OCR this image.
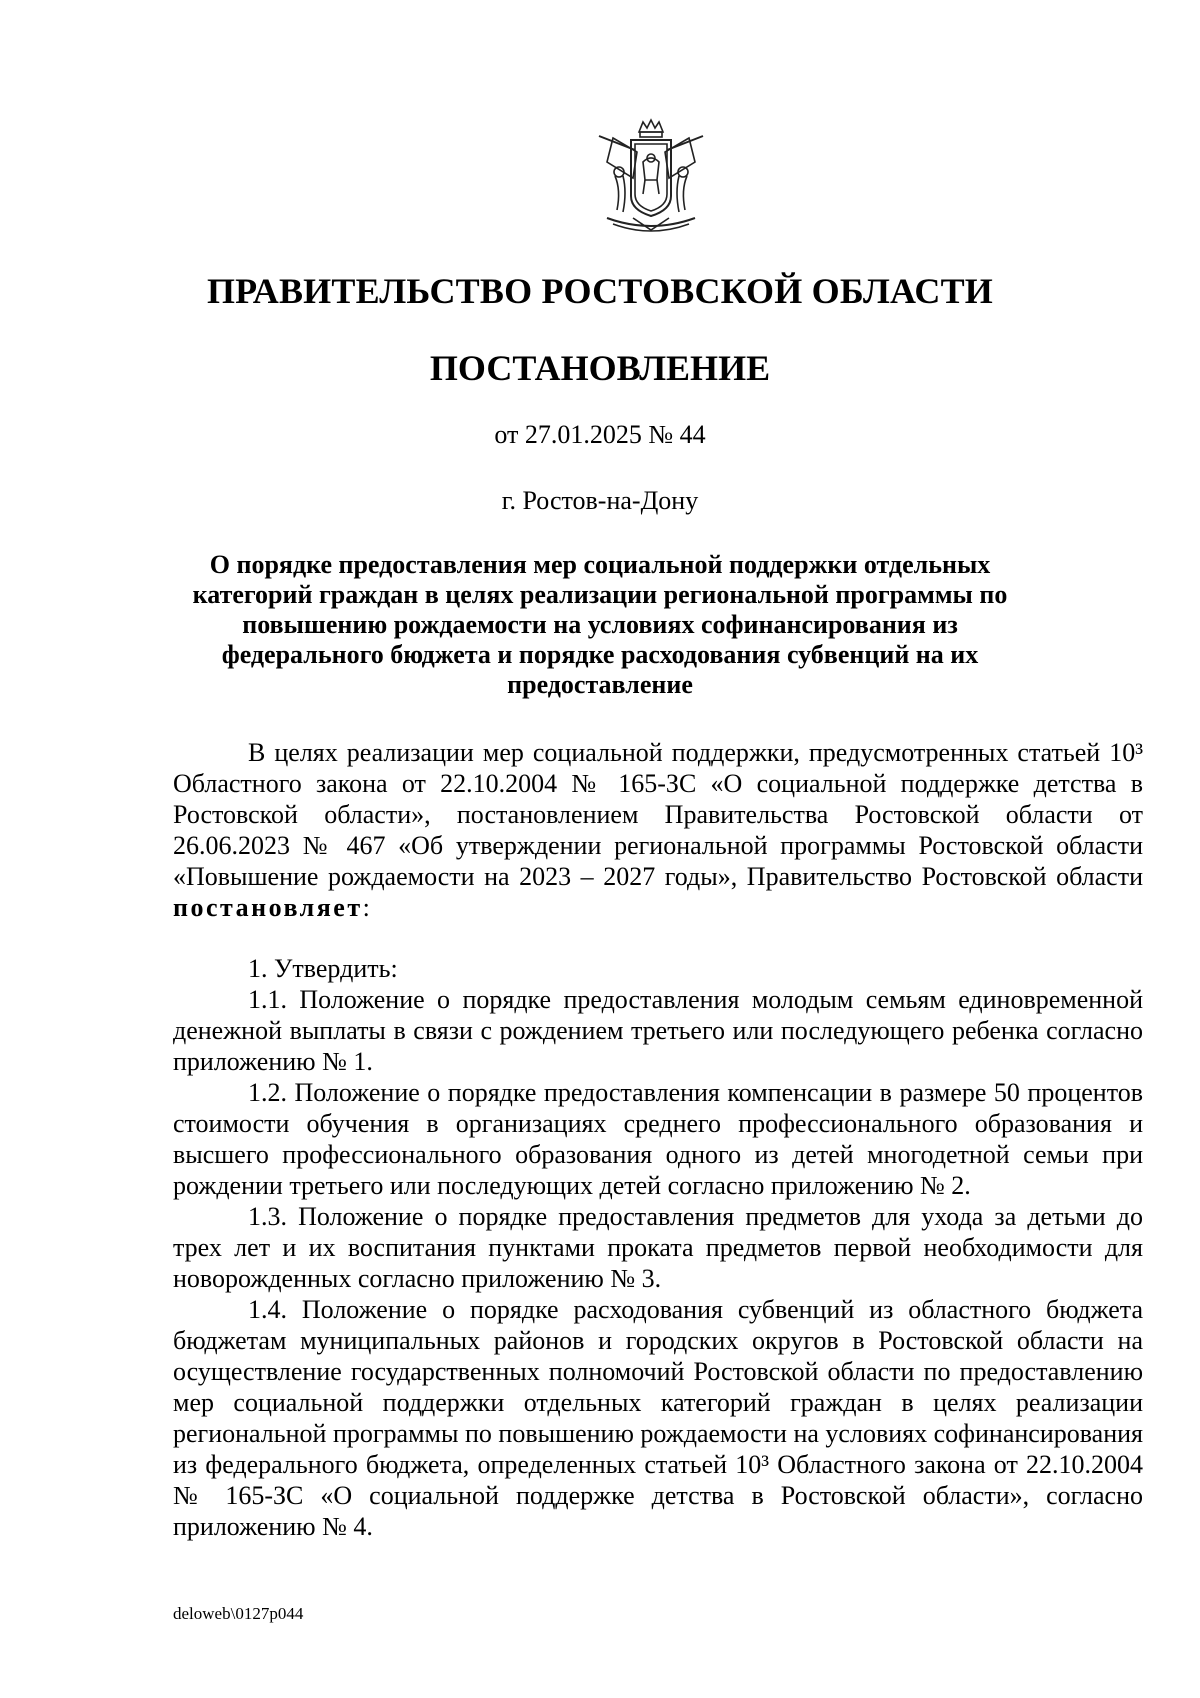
ПРАВИТЕЛЬСТВО РОСТОВСКОЙ ОБЛАСТИ
ПОСТАНОВЛЕНИЕ
от 27.01.2025 № 44
г. Ростов-на-Дону
О порядке предоставления мер социальной поддержки отдельных категорий граждан в целях реализации региональной программы по повышению рождаемости на условиях софинансирования из федерального бюджета и порядке расходования субвенций на их предоставление

В целях реализации мер социальной поддержки, предусмотренных статьей 10³ Областного закона от 22.10.2004 № 165-ЗС «О социальной поддержке детства в Ростовской области», постановлением Правительства Ростовской области от 26.06.2023 № 467 «Об утверждении региональной программы Ростовской области «Повышение рождаемости на 2023 – 2027 годы», Правительство Ростовской области постановляет:

1. Утвердить:

1.1. Положение о порядке предоставления молодым семьям единовременной денежной выплаты в связи с рождением третьего или последующего ребенка согласно приложению № 1.

1.2. Положение о порядке предоставления компенсации в размере 50 процентов стоимости обучения в организациях среднего профессионального образования и высшего профессионального образования одного из детей многодетной семьи при рождении третьего или последующих детей согласно приложению № 2.

1.3. Положение о порядке предоставления предметов для ухода за детьми до трех лет и их воспитания пунктами проката предметов первой необходимости для новорожденных согласно приложению № 3.

1.4. Положение о порядке расходования субвенций из областного бюджета бюджетам муниципальных районов и городских округов в Ростовской области на осуществление государственных полномочий Ростовской области по предоставлению мер социальной поддержки отдельных категорий граждан в целях реализации региональной программы по повышению рождаемости на условиях софинансирования из федерального бюджета, определенных статьей 10³ Областного закона от 22.10.2004 № 165-ЗС «О социальной поддержке детства в Ростовской области», согласно приложению № 4.

deloweb\0127p044
